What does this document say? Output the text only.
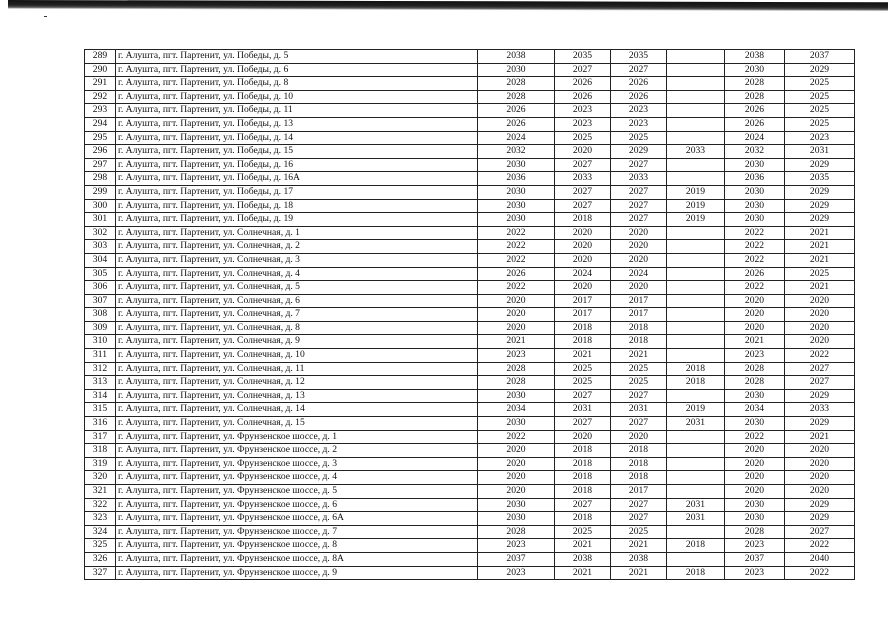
289	г. Алушта, пгт. Партенит, ул. Победы, д. 5	2038	2035	2035		2038	2037
290	г. Алушта, пгт. Партенит, ул. Победы, д. 6	2030	2027	2027		2030	2029
291	г. Алушта, пгт. Партенит, ул. Победы, д. 8	2028	2026	2026		2028	2025
292	г. Алушта, пгт. Партенит, ул. Победы, д. 10	2028	2026	2026		2028	2025
293	г. Алушта, пгт. Партенит, ул. Победы, д. 11	2026	2023	2023		2026	2025
294	г. Алушта, пгт. Партенит, ул. Победы, д. 13	2026	2023	2023		2026	2025
295	г. Алушта, пгт. Партенит, ул. Победы, д. 14	2024	2025	2025		2024	2023
296	г. Алушта, пгт. Партенит, ул. Победы, д. 15	2032	2020	2029	2033	2032	2031
297	г. Алушта, пгт. Партенит, ул. Победы, д. 16	2030	2027	2027		2030	2029
298	г. Алушта, пгт. Партенит, ул. Победы, д. 16А	2036	2033	2033		2036	2035
299	г. Алушта, пгт. Партенит, ул. Победы, д. 17	2030	2027	2027	2019	2030	2029
300	г. Алушта, пгт. Партенит, ул. Победы, д. 18	2030	2027	2027	2019	2030	2029
301	г. Алушта, пгт. Партенит, ул. Победы, д. 19	2030	2018	2027	2019	2030	2029
302	г. Алушта, пгт. Партенит, ул. Солнечная, д. 1	2022	2020	2020		2022	2021
303	г. Алушта, пгт. Партенит, ул. Солнечная, д. 2	2022	2020	2020		2022	2021
304	г. Алушта, пгт. Партенит, ул. Солнечная, д. 3	2022	2020	2020		2022	2021
305	г. Алушта, пгт. Партенит, ул. Солнечная, д. 4	2026	2024	2024		2026	2025
306	г. Алушта, пгт. Партенит, ул. Солнечная, д. 5	2022	2020	2020		2022	2021
307	г. Алушта, пгт. Партенит, ул. Солнечная, д. 6	2020	2017	2017		2020	2020
308	г. Алушта, пгт. Партенит, ул. Солнечная, д. 7	2020	2017	2017		2020	2020
309	г. Алушта, пгт. Партенит, ул. Солнечная, д. 8	2020	2018	2018		2020	2020
310	г. Алушта, пгт. Партенит, ул. Солнечная, д. 9	2021	2018	2018		2021	2020
311	г. Алушта, пгт. Партенит, ул. Солнечная, д. 10	2023	2021	2021		2023	2022
312	г. Алушта, пгт. Партенит, ул. Солнечная, д. 11	2028	2025	2025	2018	2028	2027
313	г. Алушта, пгт. Партенит, ул. Солнечная, д. 12	2028	2025	2025	2018	2028	2027
314	г. Алушта, пгт. Партенит, ул. Солнечная, д. 13	2030	2027	2027		2030	2029
315	г. Алушта, пгт. Партенит, ул. Солнечная, д. 14	2034	2031	2031	2019	2034	2033
316	г. Алушта, пгт. Партенит, ул. Солнечная, д. 15	2030	2027	2027	2031	2030	2029
317	г. Алушта, пгт. Партенит, ул. Фрунзенское шоссе, д. 1	2022	2020	2020		2022	2021
318	г. Алушта, пгт. Партенит, ул. Фрунзенское шоссе, д. 2	2020	2018	2018		2020	2020
319	г. Алушта, пгт. Партенит, ул. Фрунзенское шоссе, д. 3	2020	2018	2018		2020	2020
320	г. Алушта, пгт. Партенит, ул. Фрунзенское шоссе, д. 4	2020	2018	2018		2020	2020
321	г. Алушта, пгт. Партенит, ул. Фрунзенское шоссе, д. 5	2020	2018	2017		2020	2020
322	г. Алушта, пгт. Партенит, ул. Фрунзенское шоссе, д. 6	2030	2027	2027	2031	2030	2029
323	г. Алушта, пгт. Партенит, ул. Фрунзенское шоссе, д. 6А	2030	2018	2027	2031	2030	2029
324	г. Алушта, пгт. Партенит, ул. Фрунзенское шоссе, д. 7	2028	2025	2025		2028	2027
325	г. Алушта, пгт. Партенит, ул. Фрунзенское шоссе, д. 8	2023	2021	2021	2018	2023	2022
326	г. Алушта, пгт. Партенит, ул. Фрунзенское шоссе, д. 8А	2037	2038	2038		2037	2040
327	г. Алушта, пгт. Партенит, ул. Фрунзенское шоссе, д. 9	2023	2021	2021	2018	2023	2022
